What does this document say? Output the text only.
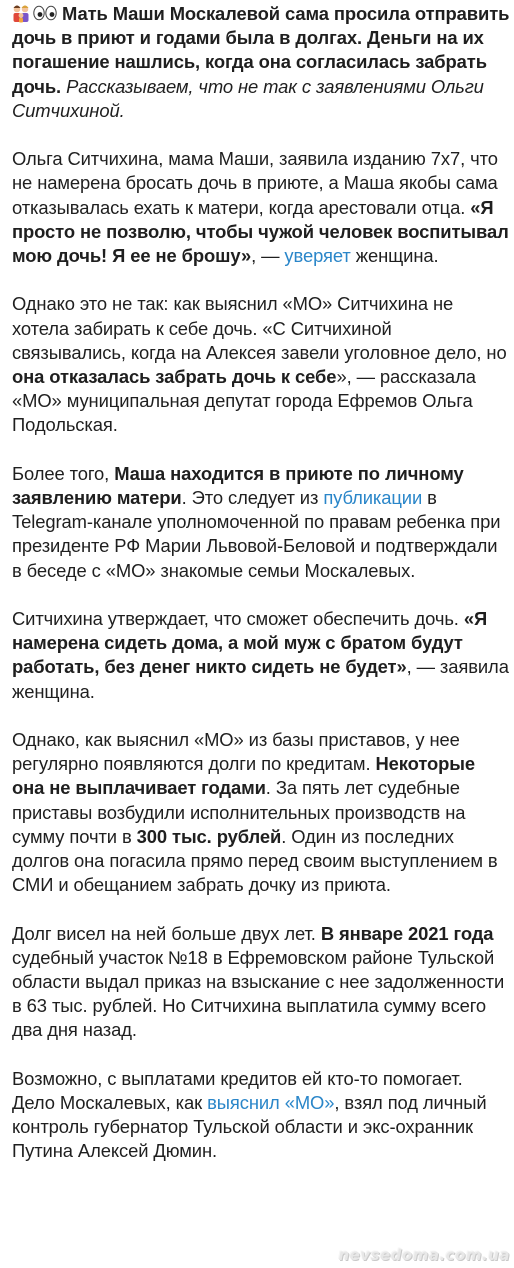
Мать Маши Москалевой сама просила отправить дочь в приют и годами была в долгах. Деньги на их погашение нашлись, когда она согласилась забрать дочь. Рассказываем, что не так с заявлениями Ольги Ситчихиной.

Ольга Ситчихина, мама Маши, заявила изданию 7х7, что не намерена бросать дочь в приюте, а Маша якобы сама отказывалась ехать к матери, когда арестовали отца. «Я просто не позволю, чтобы чужой человек воспитывал мою дочь! Я ее не брошу», — уверяет женщина.

Однако это не так: как выяснил «МО» Ситчихина не хотела забирать к себе дочь. «С Ситчихиной связывались, когда на Алексея завели уголовное дело, но она отказалась забрать дочь к себе», — рассказала «МО» муниципальная депутат города Ефремов Ольга Подольская.

Более того, Маша находится в приюте по личному заявлению матери. Это следует из публикации в Telegram-канале уполномоченной по правам ребенка при президенте РФ Марии Львовой-Беловой и подтверждали в беседе с «МО» знакомые семьи Москалевых.

Ситчихина утверждает, что сможет обеспечить дочь. «Я намерена сидеть дома, а мой муж с братом будут работать, без денег никто сидеть не будет», — заявила женщина.

Однако, как выяснил «МО» из базы приставов, у нее регулярно появляются долги по кредитам. Некоторые она не выплачивает годами. За пять лет судебные приставы возбудили исполнительных производств на сумму почти в 300 тыс. рублей. Один из последних долгов она погасила прямо перед своим выступлением в СМИ и обещанием забрать дочку из приюта.

Долг висел на ней больше двух лет. В январе 2021 года судебный участок №18 в Ефремовском районе Тульской области выдал приказ на взыскание с нее задолженности в 63 тыс. рублей. Но Ситчихина выплатила сумму всего два дня назад.

Возможно, с выплатами кредитов ей кто-то помогает. Дело Москалевых, как выяснил «МО», взял под личный контроль губернатор Тульской области и экс-охранник Путина Алексей Дюмин.

nevsedoma.com.ua
